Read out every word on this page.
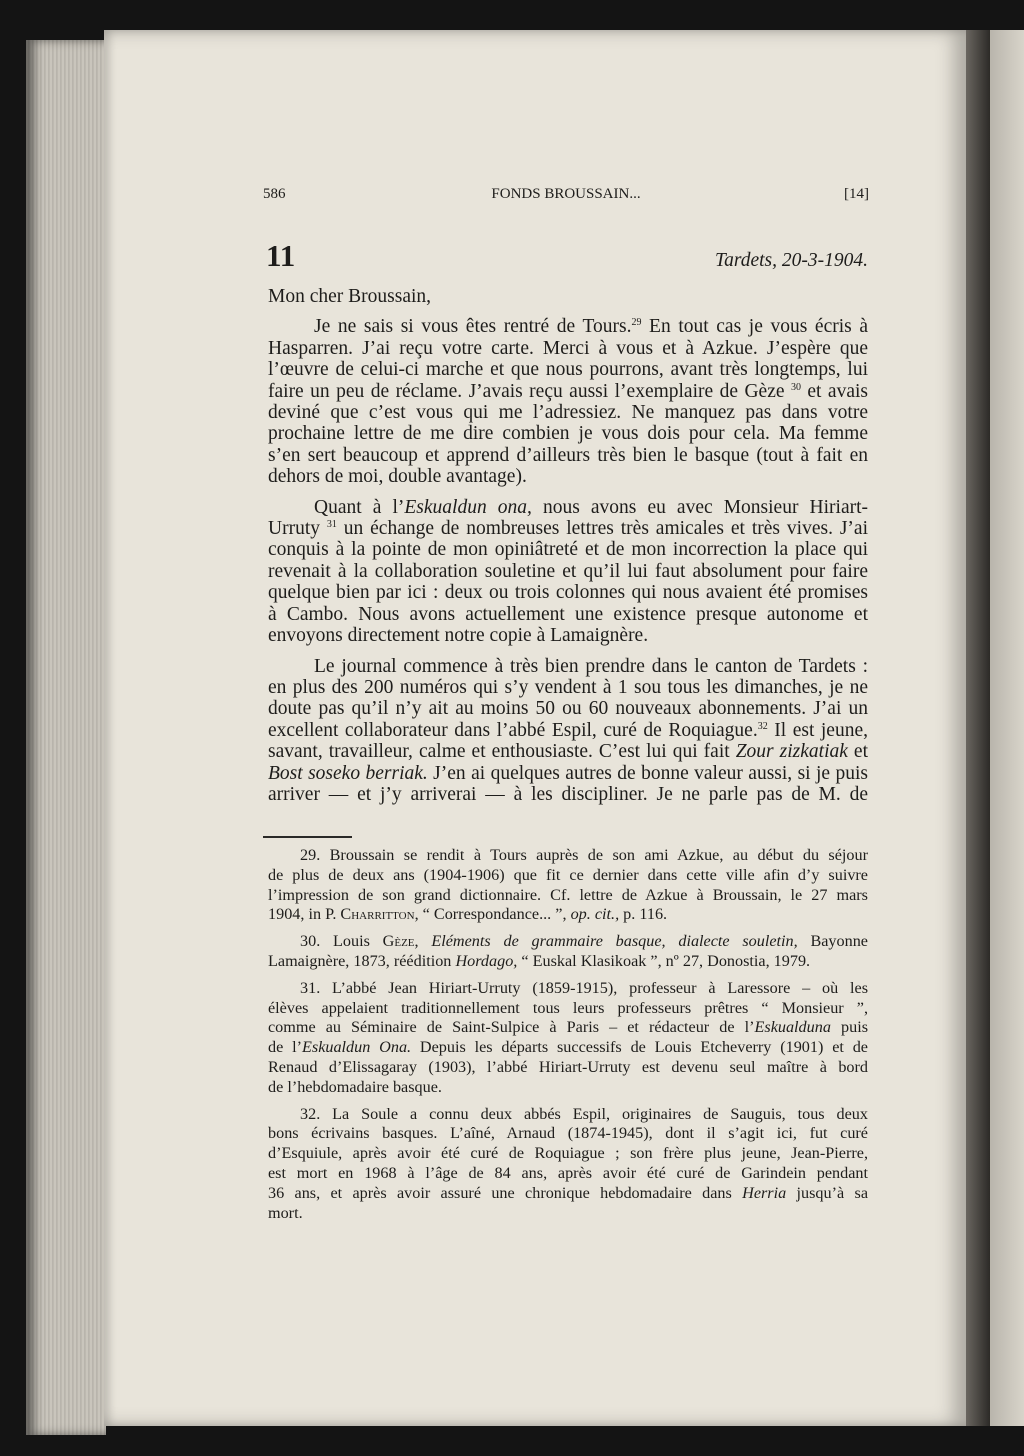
586	FONDS BROUSSAIN...	[14]
11	Tardets, 20-3-1904.
Mon cher Broussain,
Je ne sais si vous êtes rentré de Tours.$^{29}$ En tout cas je vous écris à
Hasparren. J’ai reçu votre carte. Merci à vous et à Azkue. J’espère que
l’œuvre de celui-ci marche et que nous pourrons, avant très longtemps, lui
faire un peu de réclame. J’avais reçu aussi l’exemplaire de Gèze $^{30}$ et avais
deviné que c’est vous qui me l’adressiez. Ne manquez pas dans votre
prochaine lettre de me dire combien je vous dois pour cela. Ma femme
s’en sert beaucoup et apprend d’ailleurs très bien le basque (tout à fait en
dehors de moi, double avantage).
Quant à l’Eskualdun ona, nous avons eu avec Monsieur Hiriart-
Urruty $^{31}$ un échange de nombreuses lettres très amicales et très vives. J’ai
conquis à la pointe de mon opiniâtreté et de mon incorrection la place qui
revenait à la collaboration souletine et qu’il lui faut absolument pour faire
quelque bien par ici : deux ou trois colonnes qui nous avaient été promises
à Cambo. Nous avons actuellement une existence presque autonome et
envoyons directement notre copie à Lamaignère.
Le journal commence à très bien prendre dans le canton de Tardets :
en plus des 200 numéros qui s’y vendent à 1 sou tous les dimanches, je ne
doute pas qu’il n’y ait au moins 50 ou 60 nouveaux abonnements. J’ai un
excellent collaborateur dans l’abbé Espil, curé de Roquiague.$^{32}$ Il est jeune,
savant, travailleur, calme et enthousiaste. C’est lui qui fait Zour zizkatiak et
Bost soseko berriak. J’en ai quelques autres de bonne valeur aussi, si je puis
arriver — et j’y arriverai — à les discipliner. Je ne parle pas de M. de
29. Broussain se rendit à Tours auprès de son ami Azkue, au début du séjour
de plus de deux ans (1904-1906) que fit ce dernier dans cette ville afin d’y suivre
l’impression de son grand dictionnaire. Cf. lettre de Azkue à Broussain, le 27 mars
1904, in P. Charritton, “ Correspondance... ”, op. cit., p. 116.
30. Louis Gèze, Eléments de grammaire basque, dialecte souletin, Bayonne
Lamaignère, 1873, réédition Hordago, “ Euskal Klasikoak ”, nº 27, Donostia, 1979.
31. L’abbé Jean Hiriart-Urruty (1859-1915), professeur à Laressore – où les
élèves appelaient traditionnellement tous leurs professeurs prêtres “ Monsieur ”,
comme au Séminaire de Saint-Sulpice à Paris – et rédacteur de l’Eskualduna puis
de l’Eskualdun Ona. Depuis les départs successifs de Louis Etcheverry (1901) et de
Renaud d’Elissagaray (1903), l’abbé Hiriart-Urruty est devenu seul maître à bord
de l’hebdomadaire basque.
32. La Soule a connu deux abbés Espil, originaires de Sauguis, tous deux
bons écrivains basques. L’aîné, Arnaud (1874-1945), dont il s’agit ici, fut curé
d’Esquiule, après avoir été curé de Roquiague ; son frère plus jeune, Jean-Pierre,
est mort en 1968 à l’âge de 84 ans, après avoir été curé de Garindein pendant
36 ans, et après avoir assuré une chronique hebdomadaire dans Herria jusqu’à sa
mort.
